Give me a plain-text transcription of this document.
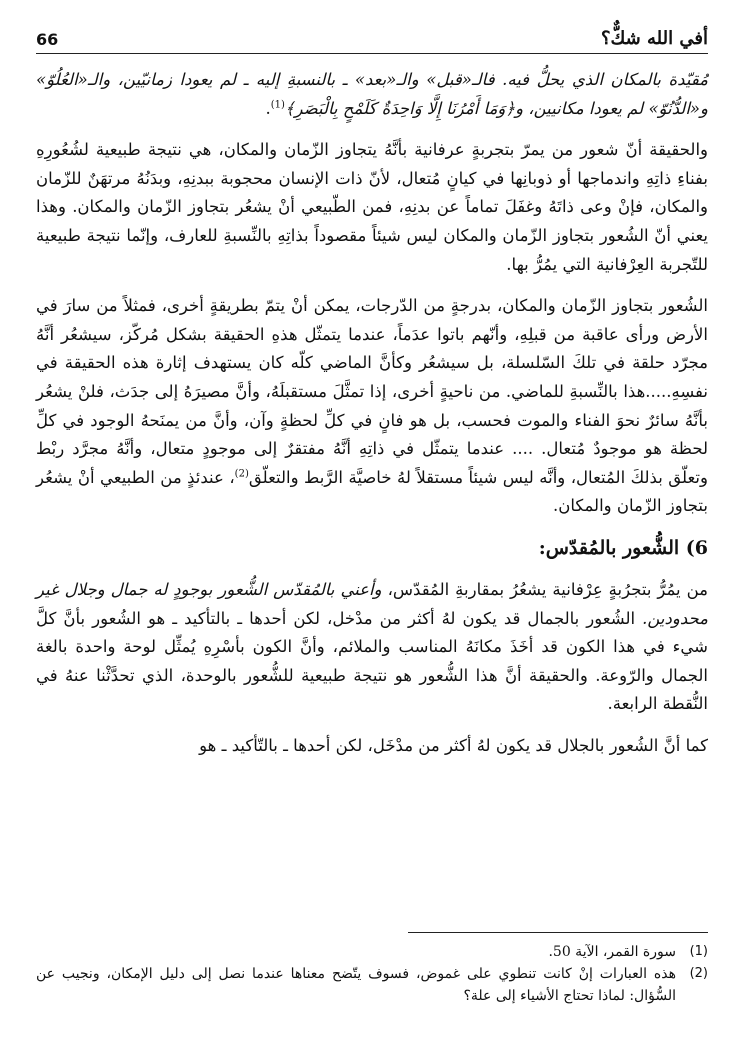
أفي الله شكٌّ؟
66

مُقيّدة بالمكان الذي يحلُّ فيه. فالـ«قبل» والـ«بعد» ـ بالنسبةِ إليه ـ لم يعودا زمانيّين، والـ«العُلُوّ» و«الدُّنُوّ» لم يعودا مكانيين، و﴿وَمَا أَمْرُنَا إِلَّا وَاحِدَةٌ كَلَمْحٍ بِالْبَصَرِ﴾$^{(1)}$.

والحقيقة أنّ شعور من يمرّ بتجربةٍ عرفانية بأنَّهُ يتجاوز الزّمان والمكان، هي نتيجة طبيعية لشُعُورِهِ بفناءِ ذاتِهِ واندماجها أو ذوبانِها في كيانٍ مُتعال، لأنّ ذات الإنسان محجوبة ببدنِهِ، وبدَنُهُ مرتهَنٌ للزّمان والمكان، فإنْ وعى ذاتَهُ وغفَلَ تماماً عن بدنِهِ، فمن الطّبيعي أنْ يشعُر بتجاوز الزّمان والمكان. وهذا يعني أنّ الشُعور بتجاوز الزّمان والمكان ليس شيئاً مقصوداً بذاتِهِ بالنِّسبةِ للعارف، وإنّما نتيجة طبيعية للتّجربة العِرْفانية التي يمُرُّ بها.

الشُعور بتجاوز الزّمان والمكان، بدرجةٍ من الدّرجات، يمكن أنْ يتمّ بطريقةٍ أخرى، فمثلاً من سارَ في الأرض ورأى عاقبة من قبلِهِ، وأنّهم باتوا عدَماً، عندما يتمثّل هذهِ الحقيقة بشكل مُركّز، سيشعُر أنَّهُ مجرّد حلقة في تلكَ السّلسلة، بل سيشعُر وكأنَّ الماضي كلّه كان يستهدف إثارة هذه الحقيقة في نفسِهِ.....هذا بالنِّسبةِ للماضي. من ناحيةٍ أخرى، إذا تمثَّلَ مستقبلَهُ، وأنَّ مصيرَهُ إلى جدَث، فلنْ يشعُر بأنَّهُ سائرٌ نحوَ الفناء والموت فحسب، بل هو فانٍ في كلِّ لحظةٍ وآن، وأنَّ من يمنَحهُ الوجود في كلِّ لحظة هو موجودٌ مُتعال. .... عندما يتمثّل في ذاتِهِ أنَّهُ مفتقرٌ إلى موجودٍ متعال، وأنَّهُ مجرَّد ربْط وتعلّق بذلكَ المُتعال، وأنَّه ليس شيئاً مستقلاً لهُ خاصيَّة الرَّبط والتعلّق$^{(2)}$، عندئذٍ من الطبيعي أنْ يشعُر بتجاوز الزّمان والمكان.

6) الشُّعور بالمُقدّس:

من يمُرُّ بتجرُبةٍ عِرْفانية يشعُرُ بمقاربةِ المُقدّس، وأعني بالمُقدّس الشُّعور بوجودٍ له جمال وجلال غير محدودين. الشُعور بالجمال قد يكون لهُ أكثر من مدْخل، لكن أحدها ـ بالتأكيد ـ هو الشُعور بأنَّ كلَّ شيء في هذا الكون قد أخَذَ مكانَهُ المناسب والملائم، وأنَّ الكون بأسْرِهِ يُمثِّل لوحة واحدة بالغة الجمال والرّوعة. والحقيقة أنَّ هذا الشُّعور هو نتيجة طبيعية للشُّعور بالوحدة، الذي تحدَّثْنا عنهُ في النُّقطة الرابعة.

كما أنَّ الشُعور بالجلال قد يكون لهُ أكثر من مدْخَل، لكن أحدها ـ بالتّأكيد ـ هو

(1)
سورة القمر، الآية 50.
(2)
هذه العبارات إنْ كانت تنطوي على غموض، فسوف يتّضح معناها عندما نصل إلى دليل الإمكان، ونجيب عن السُّؤال: لماذا تحتاج الأشياء إلى علة؟
